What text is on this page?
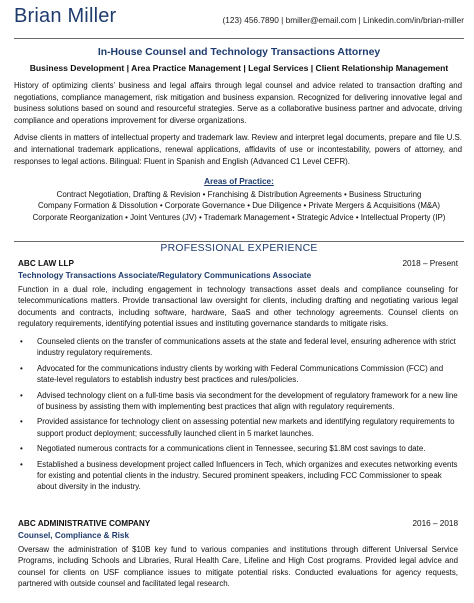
Brian Miller	(123) 456.7890 | bmiller@email.com | Linkedin.com/in/brian-miller
In-House Counsel and Technology Transactions Attorney
Business Development | Area Practice Management | Legal Services | Client Relationship Management

History of optimizing clients’ business and legal affairs through legal counsel and advice related to transaction drafting and negotiations, compliance management, risk mitigation and business expansion. Recognized for delivering innovative legal and business solutions based on sound and resourceful strategies. Serve as a collaborative business partner and advocate, driving compliance and operations improvement for diverse organizations.

Advise clients in matters of intellectual property and trademark law. Review and interpret legal documents, prepare and file U.S. and international trademark applications, renewal applications, affidavits of use or incontestability, powers of attorney, and responses to legal actions. Bilingual: Fluent in Spanish and English (Advanced C1 Level CEFR).

Areas of Practice:
Contract Negotiation, Drafting & Revision • Franchising & Distribution Agreements • Business Structuring
Company Formation & Dissolution • Corporate Governance • Due Diligence • Private Mergers & Acquisitions (M&A)
Corporate Reorganization • Joint Ventures (JV) • Trademark Management • Strategic Advice • Intellectual Property (IP)
PROFESSIONAL EXPERIENCE
ABC LAW LLP	2018 – Present
Technology Transactions Associate/Regulatory Communications Associate
Function in a dual role, including engagement in technology transactions asset deals and compliance counseling for telecommunications matters. Provide transactional law oversight for clients, including drafting and negotiating various legal documents and contracts, including software, hardware, SaaS and other technology agreements. Counsel clients on regulatory requirements, identifying potential issues and instituting governance standards to mitigate risks.
• Counseled clients on the transfer of communications assets at the state and federal level, ensuring adherence with strict industry regulatory requirements.
• Advocated for the communications industry clients by working with Federal Communications Commission (FCC) and state-level regulators to establish industry best practices and rules/policies.
• Advised technology client on a full-time basis via secondment for the development of regulatory framework for a new line of business by assisting them with implementing best practices that align with regulatory requirements.
• Provided assistance for technology client on assessing potential new markets and identifying regulatory requirements to support product deployment; successfully launched client in 5 market launches.
• Negotiated numerous contracts for a communications client in Tennessee, securing $1.8M cost savings to date.
• Established a business development project called Influencers in Tech, which organizes and executes networking events for existing and potential clients in the industry. Secured prominent speakers, including FCC Commissioner to speak about diversity in the industry.
ABC ADMINISTRATIVE COMPANY	2016 – 2018
Counsel, Compliance & Risk
Oversaw the administration of $10B key fund to various companies and institutions through different Universal Service Programs, including Schools and Libraries, Rural Health Care, Lifeline and High Cost programs. Provided legal advice and counsel for clients on USF compliance issues to mitigate potential risks. Conducted evaluations for agency requests, partnered with outside counsel and facilitated legal research.
